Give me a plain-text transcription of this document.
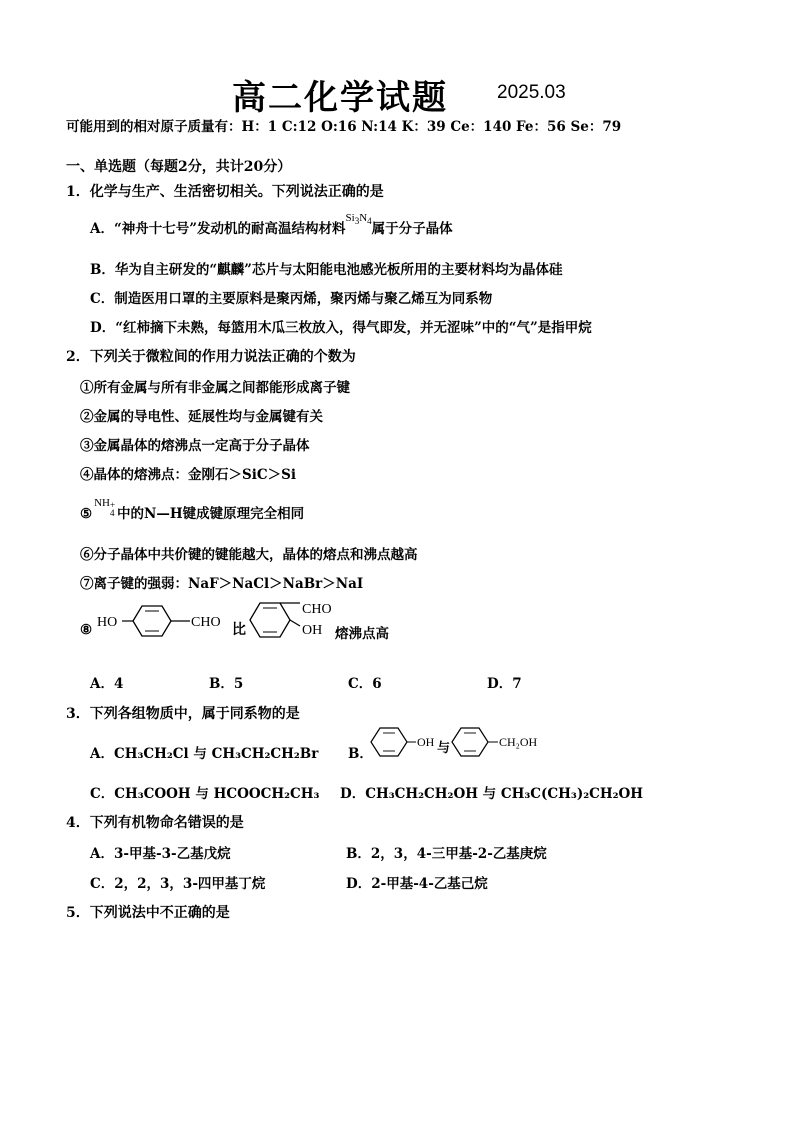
高二化学试题	2025.03
可能用到的相对原子质量有：H：1 C:12 O:16 N:14 K：39 Ce：140 Fe：56 Se：79
一、单选题（每题2分，共计20分）
1．化学与生产、生活密切相关。下列说法正确的是
A．“神舟十七号”发动机的耐高温结构材料$^{Si_3N_4}$属于分子晶体
B．华为自主研发的“麒麟”芯片与太阳能电池感光板所用的主要材料均为晶体硅
C．制造医用口罩的主要原料是聚丙烯，聚丙烯与聚乙烯互为同系物
D．“红柿摘下未熟，每篮用木瓜三枚放入，得气即发，并无涩味”中的“气”是指甲烷
2．下列关于微粒间的作用力说法正确的个数为
①所有金属与所有非金属之间都能形成离子键
②金属的导电性、延展性均与金属键有关
③金属晶体的熔沸点一定高于分子晶体
④晶体的熔沸点：金刚石＞SiC＞Si
⑤$^{NH 4 +}$
中的N—H键成键原理完全相同
⑥分子晶体中共价键的键能越大，晶体的熔点和沸点越高
⑦离子键的强弱：NaF＞NaCl＞NaBr＞NaI
⑧ HO	CHO
比
CHO
OH 熔沸点高
A．4	B．5	C．6	D．7
3．下列各组物质中，属于同系物的是
A．CH₃CH₂Cl 与 CH₃CH₂CH₂Br B．
OH 与	CH₂OH
C．CH₃COOH 与 HCOOCH₂CH₃ D．CH₃CH₂CH₂OH 与 CH₃C(CH₃)₂CH₂OH
4．下列有机物命名错误的是
A．3-甲基-3-乙基戊烷	B．2，3，4-三甲基-2-乙基庚烷
C．2，2，3，3-四甲基丁烷	D．2-甲基-4-乙基己烷
5．下列说法中不正确的是
